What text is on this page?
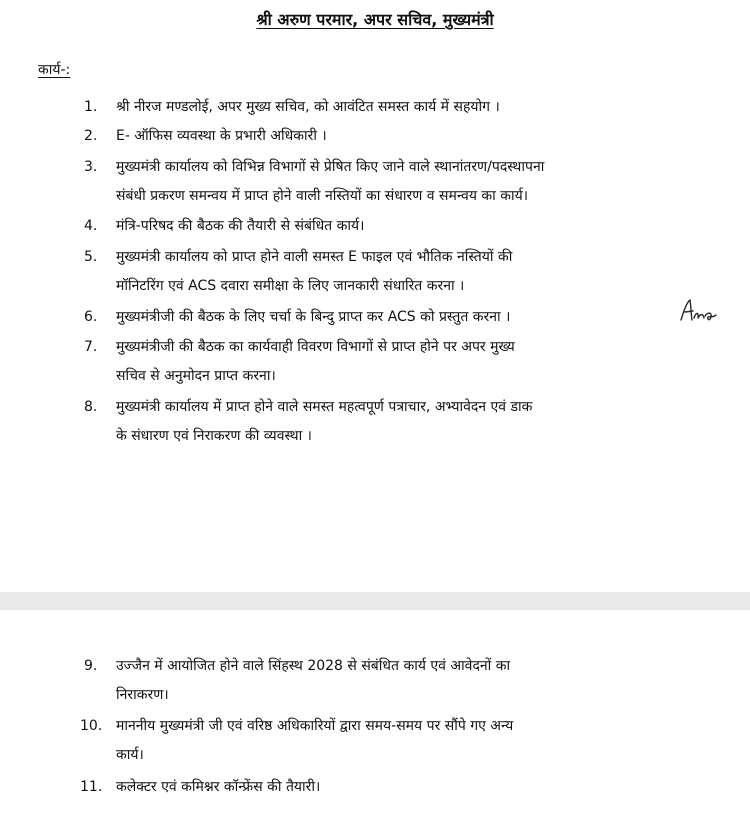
श्री अरुण परमार, अपर सचिव, मुख्यमंत्री

कार्य-:

1.	श्री नीरज मण्डलोई, अपर मुख्य सचिव, को आवंटित समस्त कार्य में सहयोग ।
2.	E- ऑफिस व्यवस्था के प्रभारी अधिकारी ।
3.	मुख्यमंत्री कार्यालय को विभिन्न विभागों से प्रेषित किए जाने वाले स्थानांतरण/पदस्थापना
संबंधी प्रकरण समन्वय में प्राप्त होने वाली नस्तियों का संधारण व समन्वय का कार्य।
4.	मंत्रि-परिषद की बैठक की तैयारी से संबंधित कार्य।
5.	मुख्यमंत्री कार्यालय को प्राप्त होने वाली समस्त E फाइल एवं भौतिक नस्तियों की
मॉनिटरिंग एवं ACS दवारा समीक्षा के लिए जानकारी संधारित करना ।
6.	मुख्यमंत्रीजी की बैठक के लिए चर्चा के बिन्दु प्राप्त कर ACS को प्रस्तुत करना ।
7.	मुख्यमंत्रीजी की बैठक का कार्यवाही विवरण विभागों से प्राप्त होने पर अपर मुख्य
सचिव से अनुमोदन प्राप्त करना।
8.	मुख्यमंत्री कार्यालय में प्राप्त होने वाले समस्त महत्वपूर्ण पत्राचार, अभ्यावेदन एवं डाक
के संधारण एवं निराकरण की व्यवस्था ।
9.	उज्जैन में आयोजित होने वाले सिंहस्थ 2028 से संबंधित कार्य एवं आवेदनों का
निराकरण।
10. माननीय मुख्यमंत्री जी एवं वरिष्ठ अधिकारियों द्वारा समय-समय पर सौंपे गए अन्य
कार्य।
11. कलेक्टर एवं कमिश्नर कॉन्फ्रेंस की तैयारी।
